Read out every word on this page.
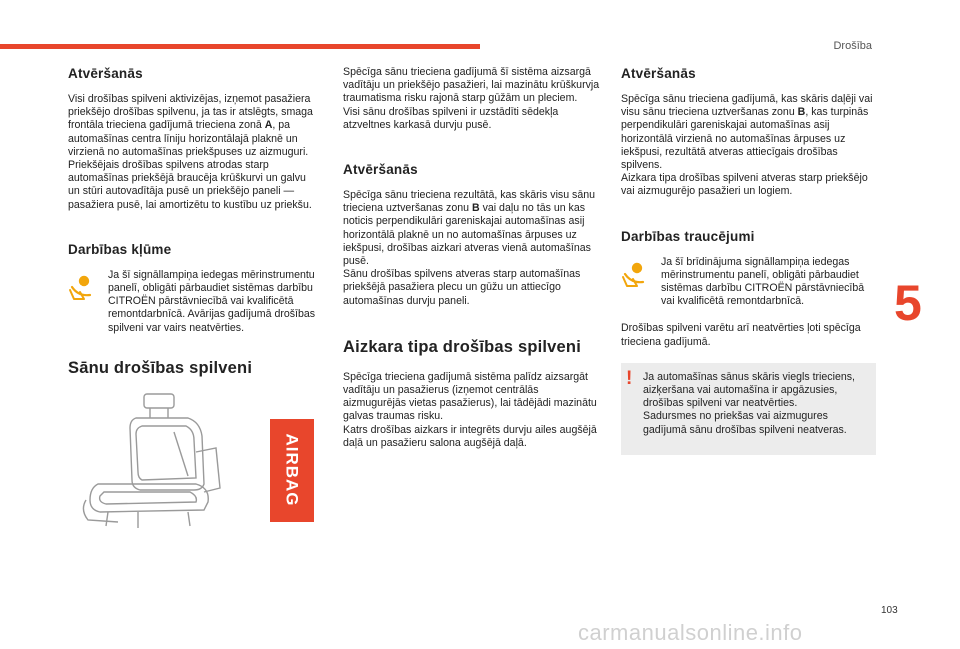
Drošība
Atvēršanās

Visi drošības spilveni aktivizējas, izņemot pasažiera priekšējo drošības spilvenu, ja tas ir atslēgts, smaga frontāla trieciena gadījumā trieciena zonā A, pa automašīnas centra līniju horizontālajā plaknē un virzienā no automašīnas priekšpuses uz aizmuguri.

Priekšējais drošības spilvens atrodas starp automašīnas priekšējā braucēja krūškurvi un galvu un stūri autovadītāja pusē un priekšējo paneli — pasažiera pusē, lai amortizētu to kustību uz priekšu.

Darbības kļūme

Ja šī signāllampiņa iedegas mērinstrumentu panelī, obligāti pārbaudiet sistēmas darbību CITROËN pārstāvniecībā vai kvalificētā remontdarbnīcā. Avārijas gadījumā drošības spilveni var vairs neatvērties.

Sānu drošības spilveni
AIRBAG

Spēcīga sānu trieciena gadījumā šī sistēma aizsargā vadītāju un priekšējo pasažieri, lai mazinātu krūškurvja traumatisma risku rajonā starp gūžām un pleciem.

Visi sānu drošības spilveni ir uzstādīti sēdekļa atzveltnes karkasā durvju pusē.

Atvēršanās

Spēcīga sānu trieciena rezultātā, kas skāris visu sānu trieciena uztveršanas zonu B vai daļu no tās un kas noticis perpendikulāri gareniskajai automašīnas asij horizontālā plaknē un no automašīnas ārpuses uz iekšpusi, drošības aizkari atveras vienā automašīnas pusē.

Sānu drošības spilvens atveras starp automašīnas priekšējā pasažiera plecu un gūžu un attiecīgo automašīnas durvju paneli.

Aizkara tipa drošības spilveni

Spēcīga trieciena gadījumā sistēma palīdz aizsargāt vadītāju un pasažierus (izņemot centrālās aizmugurējās vietas pasažierus), lai tādējādi mazinātu galvas traumas risku.

Katrs drošības aizkars ir integrēts durvju ailes augšējā daļā un pasažieru salona augšējā daļā.

Atvēršanās

Spēcīga sānu trieciena gadījumā, kas skāris daļēji vai visu sānu trieciena uztveršanas zonu B, kas turpinās perpendikulāri gareniskajai automašīnas asij horizontālā virzienā no automašīnas ārpuses uz iekšpusi, rezultātā atveras attiecīgais drošības spilvens.

Aizkara tipa drošības spilveni atveras starp priekšējo vai aizmugurējo pasažieri un logiem.

Darbības traucējumi

Ja šī brīdinājuma signāllampiņa iedegas mērinstrumentu panelī, obligāti pārbaudiet sistēmas darbību CITROËN pārstāvniecībā vai kvalificētā remontdarbnīcā.

Drošības spilveni varētu arī neatvērties ļoti spēcīga trieciena gadījumā.

! Ja automašīnas sānus skāris viegls trieciens, aizķeršana vai automašīna ir apgāzusies, drošības spilveni var neatvērties.

Sadursmes no priekšas vai aizmugures gadījumā sānu drošības spilveni neatveras.

5
103
carmanualsonline.info
